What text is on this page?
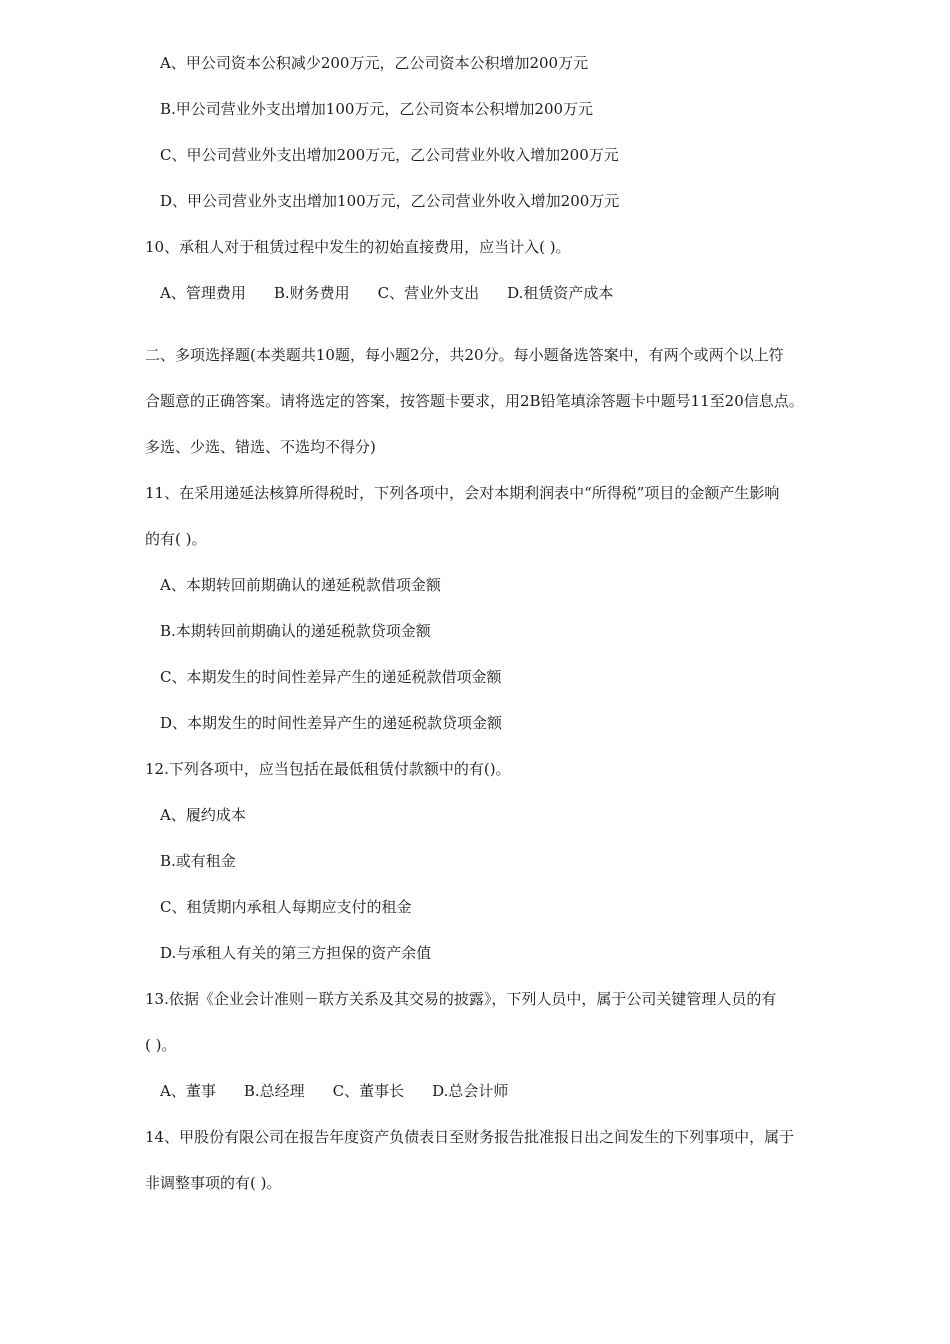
A、甲公司资本公积减少200万元，乙公司资本公积增加200万元
B.甲公司营业外支出增加100万元，乙公司资本公积增加200万元
C、甲公司营业外支出增加200万元，乙公司营业外收入增加200万元
D、甲公司营业外支出增加100万元，乙公司营业外收入增加200万元
10、承租人对于租赁过程中发生的初始直接费用，应当计入( )。
A、管理费用 B.财务费用 C、营业外支出 D.租赁资产成本
二、多项选择题(本类题共10题，每小题2分，共20分。每小题备选答案中，有两个或两个以上符
合题意的正确答案。请将选定的答案，按答题卡要求，用2B铅笔填涂答题卡中题号11至20信息点。
多选、少选、错选、不选均不得分)
11、在采用递延法核算所得税时，下列各项中，会对本期利润表中“所得税”项目的金额产生影响
的有( )。
A、本期转回前期确认的递延税款借项金额
B.本期转回前期确认的递延税款贷项金额
C、本期发生的时间性差异产生的递延税款借项金额
D、本期发生的时间性差异产生的递延税款贷项金额
12.下列各项中，应当包括在最低租赁付款额中的有()。
A、履约成本
B.或有租金
C、租赁期内承租人每期应支付的租金
D.与承租人有关的第三方担保的资产余值
13.依据《企业会计准则－联方关系及其交易的披露》，下列人员中，属于公司关键管理人员的有
( )。
A、董事 B.总经理 C、董事长 D.总会计师
14、甲股份有限公司在报告年度资产负债表日至财务报告批准报日出之间发生的下列事项中，属于
非调整事项的有( )。
